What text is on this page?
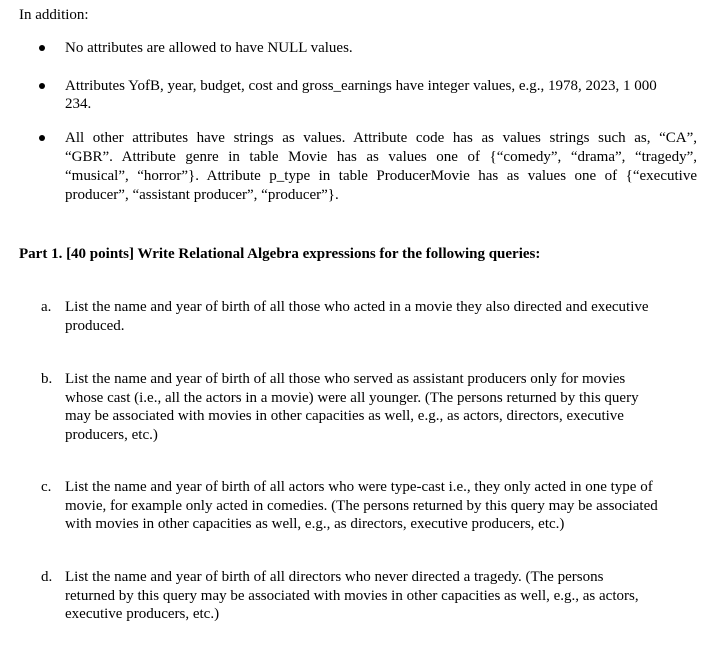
In addition:
No attributes are allowed to have NULL values.
Attributes YofB, year, budget, cost and gross_earnings have integer values, e.g., 1978, 2023, 1 000
234.
All other attributes have strings as values. Attribute code has as values strings such as, “CA”,
“GBR”. Attribute genre in table Movie has as values one of {“comedy”, “drama”, “tragedy”,
“musical”, “horror”}. Attribute p_type in table ProducerMovie has as values one of {“executive
producer”, “assistant producer”, “producer”}.
Part 1. [40 points] Write Relational Algebra expressions for the following queries:
a. List the name and year of birth of all those who acted in a movie they also directed and executive
produced.
b. List the name and year of birth of all those who served as assistant producers only for movies
whose cast (i.e., all the actors in a movie) were all younger. (The persons returned by this query
may be associated with movies in other capacities as well, e.g., as actors, directors, executive
producers, etc.)
c. List the name and year of birth of all actors who were type-cast i.e., they only acted in one type of
movie, for example only acted in comedies. (The persons returned by this query may be associated
with movies in other capacities as well, e.g., as directors, executive producers, etc.)
d. List the name and year of birth of all directors who never directed a tragedy. (The persons
returned by this query may be associated with movies in other capacities as well, e.g., as actors,
executive producers, etc.)
